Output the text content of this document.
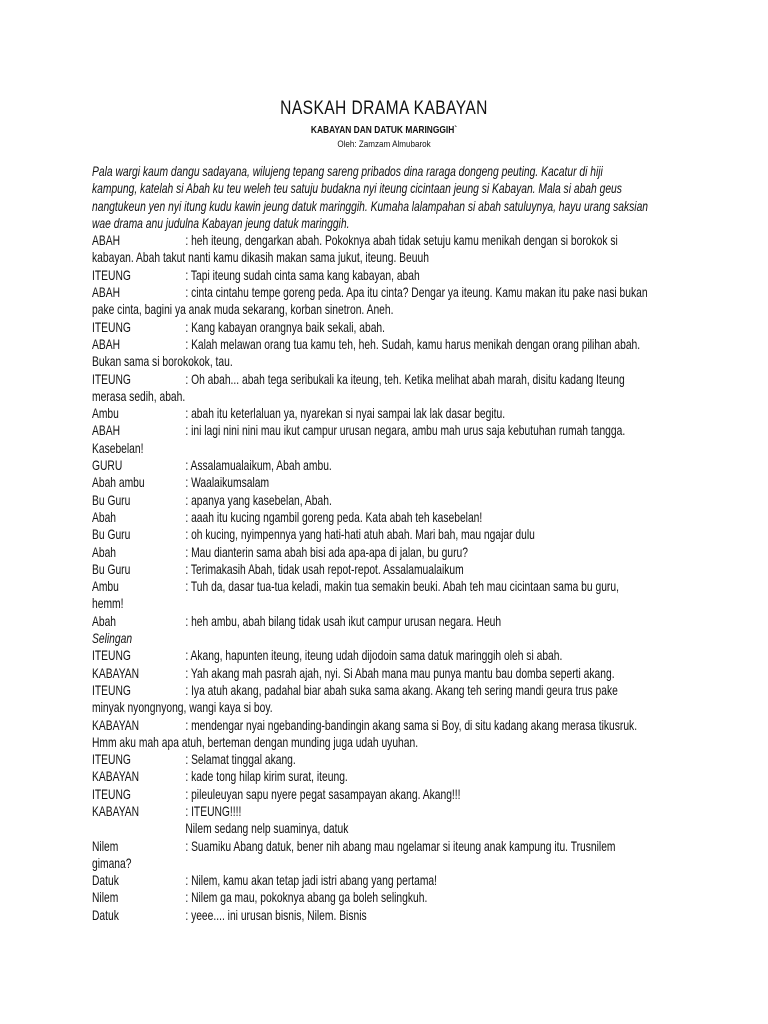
NASKAH DRAMA KABAYAN
KABAYAN DAN DATUK MARINGGIH`
Oleh: Zamzam Almubarok
Pala wargi kaum dangu sadayana, wilujeng tepang sareng pribados dina raraga dongeng peuting. Kacatur di hiji
kampung, katelah si Abah ku teu weleh teu satuju budakna nyi iteung cicintaan jeung si Kabayan. Mala si abah geus
nangtukeun yen nyi itung kudu kawin jeung datuk maringgih. Kumaha lalampahan si abah satuluynya, hayu urang saksian
wae drama anu judulna Kabayan jeung datuk maringgih.
ABAH	: heh iteung, dengarkan abah. Pokoknya abah tidak setuju kamu menikah dengan si borokok si
kabayan. Abah takut nanti kamu dikasih makan sama jukut, iteung. Beuuh
ITEUNG	: Tapi iteung sudah cinta sama kang kabayan, abah
ABAH	: cinta cintahu tempe goreng peda. Apa itu cinta? Dengar ya iteung. Kamu makan itu pake nasi bukan
pake cinta, bagini ya anak muda sekarang, korban sinetron. Aneh.
ITEUNG	: Kang kabayan orangnya baik sekali, abah.
ABAH	: Kalah melawan orang tua kamu teh, heh. Sudah, kamu harus menikah dengan orang pilihan abah.
Bukan sama si borokokok, tau.
ITEUNG	: Oh abah... abah tega seribukali ka iteung, teh. Ketika melihat abah marah, disitu kadang Iteung
merasa sedih, abah.
Ambu	: abah itu keterlaluan ya, nyarekan si nyai sampai lak lak dasar begitu.
ABAH	: ini lagi nini nini mau ikut campur urusan negara, ambu mah urus saja kebutuhan rumah tangga.
Kasebelan!
GURU	: Assalamualaikum, Abah ambu.
Abah ambu	: Waalaikumsalam
Bu Guru	: apanya yang kasebelan, Abah.
Abah	: aaah itu kucing ngambil goreng peda. Kata abah teh kasebelan!
Bu Guru	: oh kucing, nyimpennya yang hati-hati atuh abah. Mari bah, mau ngajar dulu
Abah	: Mau dianterin sama abah bisi ada apa-apa di jalan, bu guru?
Bu Guru	: Terimakasih Abah, tidak usah repot-repot. Assalamualaikum
Ambu	: Tuh da, dasar tua-tua keladi, makin tua semakin beuki. Abah teh mau cicintaan sama bu guru,
hemm!
Abah	: heh ambu, abah bilang tidak usah ikut campur urusan negara. Heuh
Selingan
ITEUNG	: Akang, hapunten iteung, iteung udah dijodoin sama datuk maringgih oleh si abah.
KABAYAN	: Yah akang mah pasrah ajah, nyi. Si Abah mana mau punya mantu bau domba seperti akang.
ITEUNG	: Iya atuh akang, padahal biar abah suka sama akang. Akang teh sering mandi geura trus pake
minyak nyongnyong, wangi kaya si boy.
KABAYAN	: mendengar nyai ngebanding-bandingin akang sama si Boy, di situ kadang akang merasa tikusruk.
Hmm aku mah apa atuh, berteman dengan munding juga udah uyuhan.
ITEUNG	: Selamat tinggal akang.
KABAYAN	: kade tong hilap kirim surat, iteung.
ITEUNG	: pileuleuyan sapu nyere pegat sasampayan akang. Akang!!!
KABAYAN	: ITEUNG!!!!
Nilem sedang nelp suaminya, datuk
Nilem	: Suamiku Abang datuk, bener nih abang mau ngelamar si iteung anak kampung itu. Trusnilem
gimana?
Datuk	: Nilem, kamu akan tetap jadi istri abang yang pertama!
Nilem	: Nilem ga mau, pokoknya abang ga boleh selingkuh.
Datuk	: yeee.... ini urusan bisnis, Nilem. Bisnis
